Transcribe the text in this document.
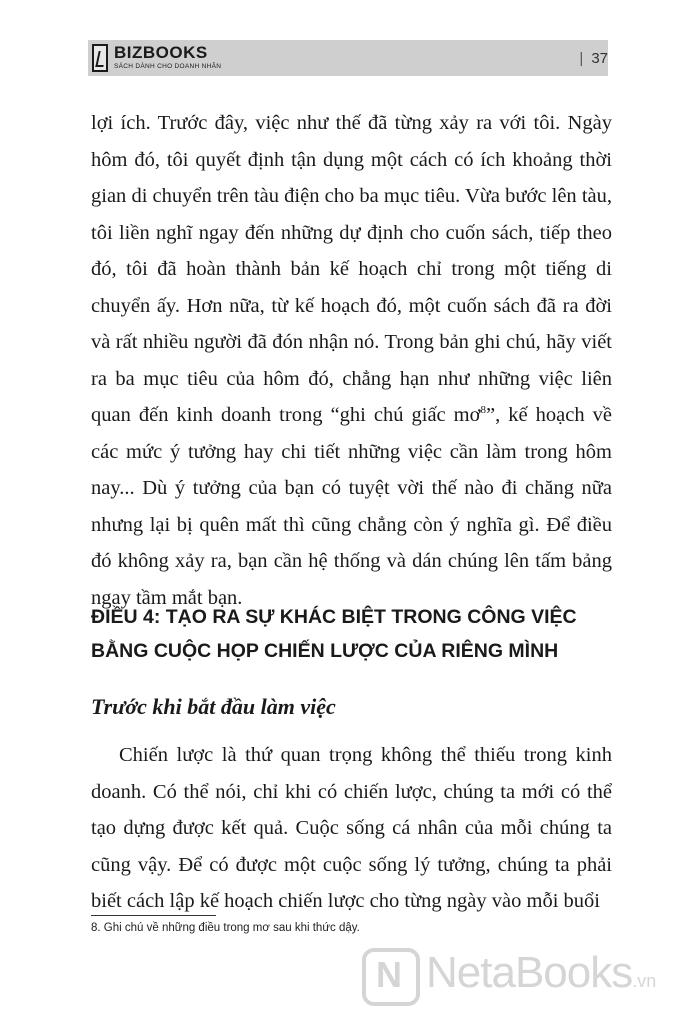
BIZBOOKS
SÁCH DÀNH CHO DOANH NHÂN	| 37

lợi ích. Trước đây, việc như thế đã từng xảy ra với tôi. Ngày hôm đó, tôi quyết định tận dụng một cách có ích khoảng thời gian di chuyển trên tàu điện cho ba mục tiêu. Vừa bước lên tàu, tôi liền nghĩ ngay đến những dự định cho cuốn sách, tiếp theo đó, tôi đã hoàn thành bản kế hoạch chỉ trong một tiếng di chuyển ấy. Hơn nữa, từ kế hoạch đó, một cuốn sách đã ra đời và rất nhiều người đã đón nhận nó. Trong bản ghi chú, hãy viết ra ba mục tiêu của hôm đó, chẳng hạn như những việc liên quan đến kinh doanh trong “ghi chú giấc $mơ^8$”, kế hoạch về các mức ý tưởng hay chi tiết những việc cần làm trong hôm nay... Dù ý tưởng của bạn có tuyệt vời thế nào đi chăng nữa nhưng lại bị quên mất thì cũng chẳng còn ý nghĩa gì. Để điều đó không xảy ra, bạn cần hệ thống và dán chúng lên tấm bảng ngay tầm mắt bạn.

ĐIỀU 4: TẠO RA SỰ KHÁC BIỆT TRONG CÔNG VIỆC
BẰNG CUỘC HỌP CHIẾN LƯỢC CỦA RIÊNG MÌNH
Trước khi bắt đầu làm việc

Chiến lược là thứ quan trọng không thể thiếu trong kinh doanh. Có thể nói, chỉ khi có chiến lược, chúng ta mới có thể tạo dựng được kết quả. Cuộc sống cá nhân của mỗi chúng ta cũng vậy. Để có được một cuộc sống lý tưởng, chúng ta phải biết cách lập kế hoạch chiến lược cho từng ngày vào mỗi buổi

8. Ghi chú về những điều trong mơ sau khi thức dậy.

N
NetaBooks.vn
